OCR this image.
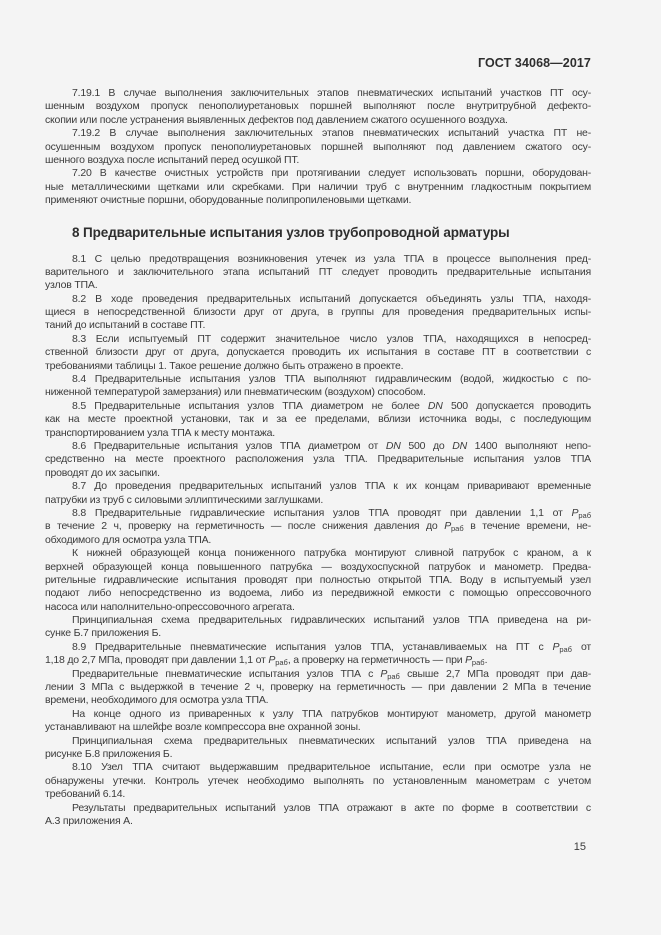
ГОСТ 34068—2017
7.19.1 В случае выполнения заключительных этапов пневматических испытаний участков ПТ осу-
шенным воздухом пропуск пенополиуретановых поршней выполняют после внутритрубной дефекто-
скопии или после устранения выявленных дефектов под давлением сжатого осушенного воздуха.
7.19.2 В случае выполнения заключительных этапов пневматических испытаний участка ПТ не-
осушенным воздухом пропуск пенополиуретановых поршней выполняют под давлением сжатого осу-
шенного воздуха после испытаний перед осушкой ПТ.
7.20 В качестве очистных устройств при протягивании следует использовать поршни, оборудован-
ные металлическими щетками или скребками. При наличии труб с внутренним гладкостным покрытием
применяют очистные поршни, оборудованные полипропиленовыми щетками.
8 Предварительные испытания узлов трубопроводной арматуры
8.1 С целью предотвращения возникновения утечек из узла ТПА в процессе выполнения пред-
варительного и заключительного этапа испытаний ПТ следует проводить предварительные испытания
узлов ТПА.
8.2 В ходе проведения предварительных испытаний допускается объединять узлы ТПА, находя-
щиеся в непосредственной близости друг от друга, в группы для проведения предварительных испы-
таний до испытаний в составе ПТ.
8.3 Если испытуемый ПТ содержит значительное число узлов ТПА, находящихся в непосред-
ственной близости друг от друга, допускается проводить их испытания в составе ПТ в соответствии с
требованиями таблицы 1. Такое решение должно быть отражено в проекте.
8.4 Предварительные испытания узлов ТПА выполняют гидравлическим (водой, жидкостью с по-
ниженной температурой замерзания) или пневматическим (воздухом) способом.
8.5 Предварительные испытания узлов ТПА диаметром не более DN 500 допускается проводить
как на месте проектной установки, так и за ее пределами, вблизи источника воды, с последующим
транспортированием узла ТПА к месту монтажа.
8.6 Предварительные испытания узлов ТПА диаметром от DN 500 до DN 1400 выполняют непо-
средственно на месте проектного расположения узла ТПА. Предварительные испытания узлов ТПА
проводят до их засыпки.
8.7 До проведения предварительных испытаний узлов ТПА к их концам приваривают временные
патрубки из труб с силовыми эллиптическими заглушками.
8.8 Предварительные гидравлические испытания узлов ТПА проводят при давлении 1,1 от $P_{раб}$
в течение 2 ч, проверку на герметичность — после снижения давления до $P_{раб}$ в течение времени, не-
обходимого для осмотра узла ТПА.
К нижней образующей конца пониженного патрубка монтируют сливной патрубок с краном, а к
верхней образующей конца повышенного патрубка — воздухоспускной патрубок и манометр. Предва-
рительные гидравлические испытания проводят при полностью открытой ТПА. Воду в испытуемый узел
подают либо непосредственно из водоема, либо из передвижной емкости с помощью опрессовочного
насоса или наполнительно-опрессовочного агрегата.
Принципиальная схема предварительных гидравлических испытаний узлов ТПА приведена на ри-
сунке Б.7 приложения Б.
8.9 Предварительные пневматические испытания узлов ТПА, устанавливаемых на ПТ с $P_{раб}$ от
1,18 до 2,7 МПа, проводят при давлении 1,1 от $P_{раб}$, а проверку на герметичность — при $P_{раб}$.
Предварительные пневматические испытания узлов ТПА с $P_{раб}$ свыше 2,7 МПа проводят при дав-
лении 3 МПа с выдержкой в течение 2 ч, проверку на герметичность — при давлении 2 МПа в течение
времени, необходимого для осмотра узла ТПА.
На конце одного из приваренных к узлу ТПА патрубков монтируют манометр, другой манометр
устанавливают на шлейфе возле компрессора вне охранной зоны.
Принципиальная схема предварительных пневматических испытаний узлов ТПА приведена на
рисунке Б.8 приложения Б.
8.10 Узел ТПА считают выдержавшим предварительное испытание, если при осмотре узла не
обнаружены утечки. Контроль утечек необходимо выполнять по установленным манометрам с учетом
требований 6.14.
Результаты предварительных испытаний узлов ТПА отражают в акте по форме в соответствии с
А.3 приложения А.
15
